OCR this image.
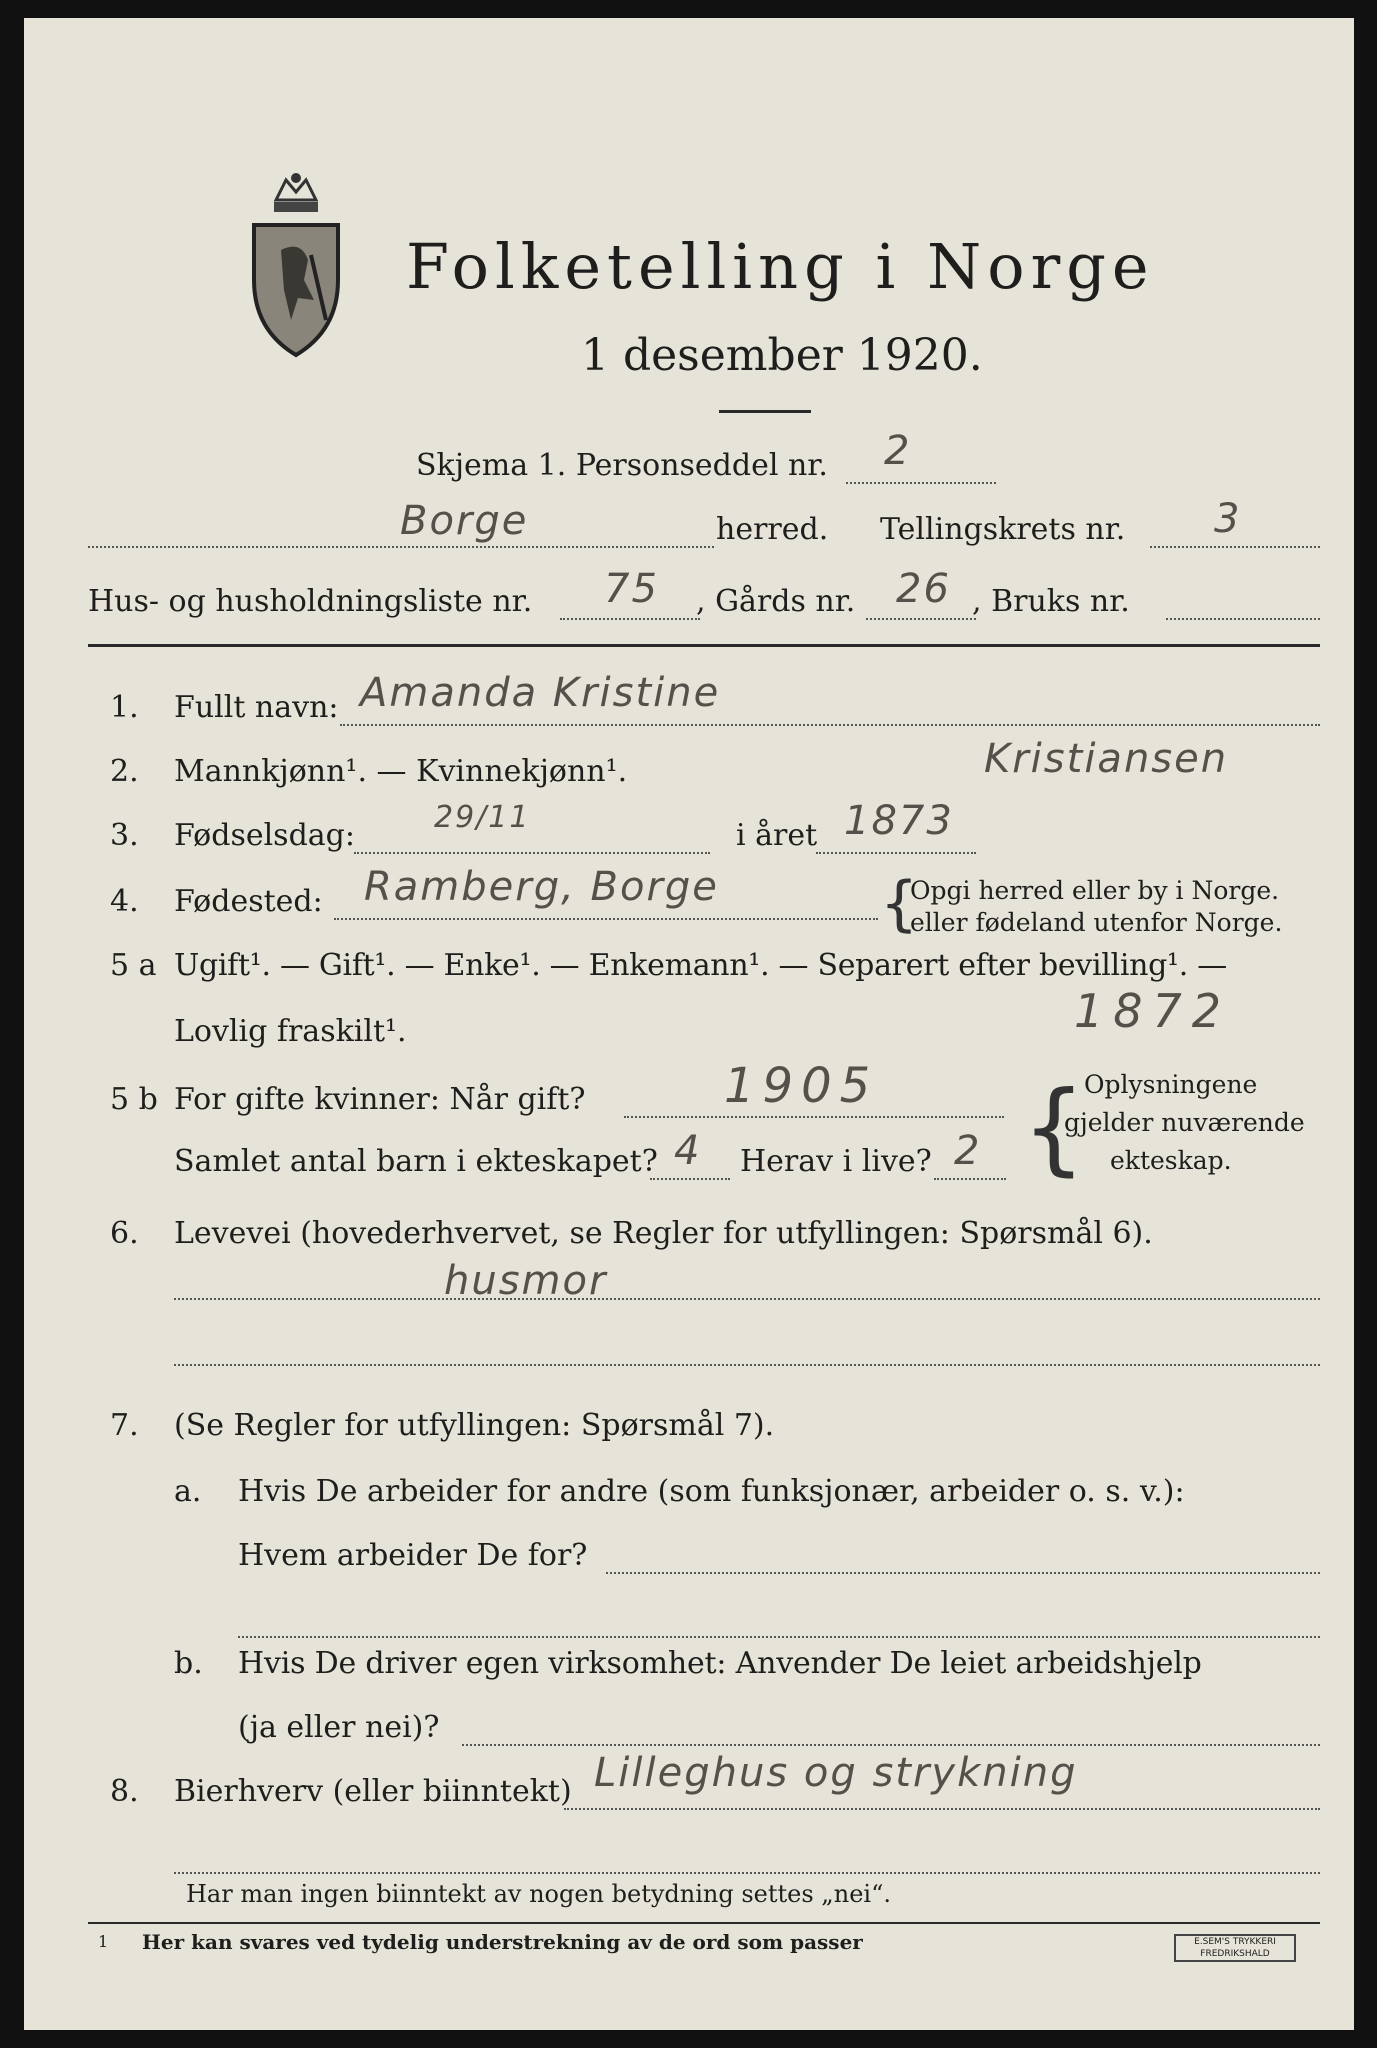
Folketelling i Norge
1 desember 1920.
Skjema 1. Personseddel nr. 2
Borge	herred. Tellingskrets nr. 3
Hus- og husholdningsliste nr. 75 , Gårds nr. 26 , Bruks nr.
1. Fullt navn: Amanda Kristine
2. Mannkjønn¹. — Kvinnekjønn¹.	Kristiansen
3. Fødselsdag:
29/11
i året 1873
4. Fødested: Ramberg, Borge	{
Opgi herred eller by i Norge.
eller fødeland utenfor Norge.
5 a Ugift¹. — Gift¹. — Enke¹. — Enkemann¹. — Separert efter bevilling¹. —
Lovlig fraskilt¹.	1872
5 b For gifte kvinner: Når gift?	1905
Samlet antal barn i ekteskapet? 4 Herav i live? 2 {
Oplysningene
gjelder nuværende
ekteskap.
6. Levevei (hovederhvervet, se Regler for utfyllingen: Spørsmål 6).
husmor
7. (Se Regler for utfyllingen: Spørsmål 7).
a. Hvis De arbeider for andre (som funksjonær, arbeider o. s. v.):
Hvem arbeider De for?
b. Hvis De driver egen virksomhet: Anvender De leiet arbeidshjelp
(ja eller nei)?
8. Bierhverv (eller biinntekt) Lilleghus og strykning
Har man ingen biinntekt av nogen betydning settes „nei“.
1 Her kan svares ved tydelig understrekning av de ord som passer	E.SEM'S TRYKKERI FREDRIKSHALD
